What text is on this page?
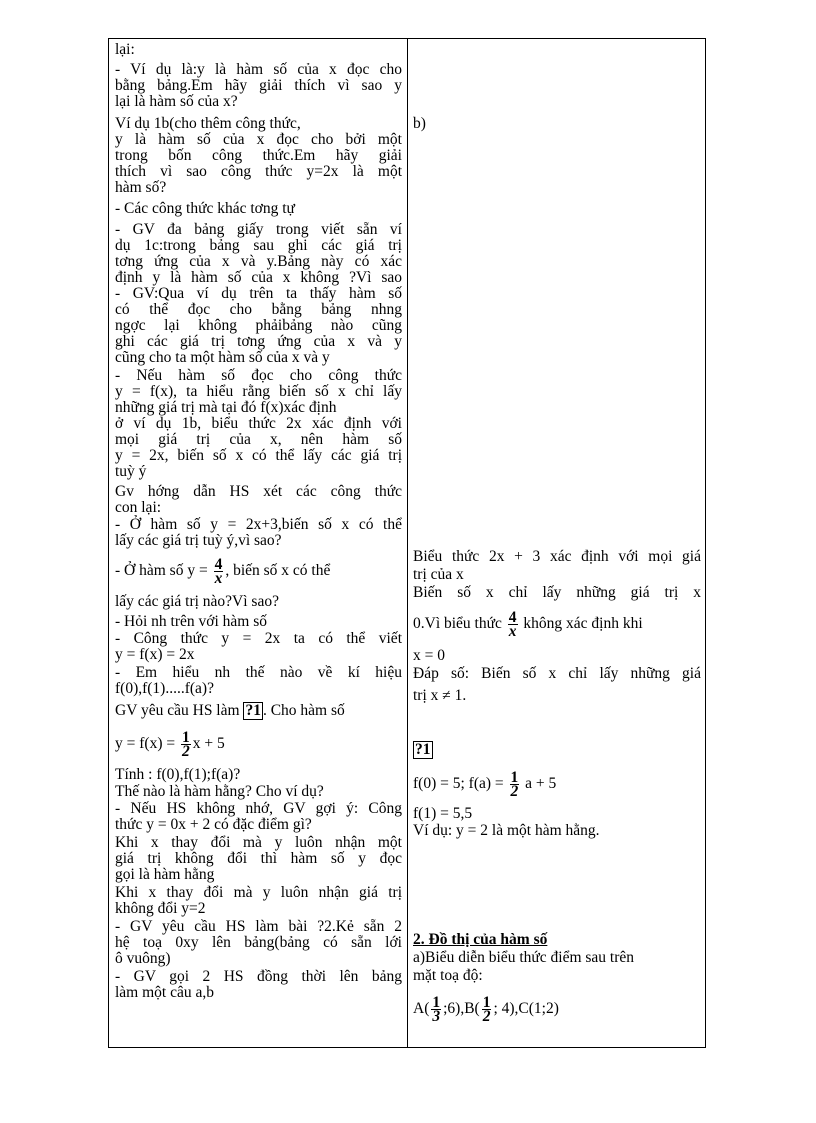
lại:
- Ví dụ là:y là hàm số của x đọc cho
bằng bảng.Em hãy giải thích vì sao y
lại là hàm số của x?
Ví dụ 1b(cho thêm công thức,
y là hàm số của x đọc cho bởi một
trong bốn công thức.Em hãy giải
thích vì sao công thức y=2x là một
hàm số?
- Các công thức khác tơng tự
- GV đa bảng giấy trong viết sẵn ví
dụ 1c:trong bảng sau ghi các giá trị
tơng ứng của x và y.Bảng này có xác
định y là hàm số của x không ?Vì sao
- GV:Qua ví dụ trên ta thấy hàm số
có thể đọc cho bằng bảng nhng
ngợc lại không phảibảng nào cũng
ghi các giá trị tơng ứng của x và y
cũng cho ta một hàm số của x và y
- Nếu hàm số đọc cho công thức
y = f(x), ta hiểu rằng biến số x chỉ lấy
những giá trị mà tại đó f(x)xác định
ở ví dụ 1b, biểu thức 2x xác định với
mọi giá trị của x, nên hàm số
y = 2x, biến số x có thể lấy các giá trị
tuỳ ý
Gv hớng dẫn HS xét các công thức
con lại:
- Ở hàm số y = 2x+3,biến số x có thể
lấy các giá trị tuỳ ý,vì sao?
- Ở hàm số $y = \frac{4}{x}$ , biến số x có thể
lấy các giá trị nào?Vì sao?
- Hỏi nh trên với hàm số
- Công thức y = 2x ta có thể viết
y = f(x) = 2x
- Em hiểu nh thế nào về kí hiệu
f(0),f(1).....f(a)?
GV yêu cầu HS làm ?1 . Cho hàm số
$y = f(x) = \frac{1}{2}$ x + 5
Tính : f(0),f(1);f(a)?
Thế nào là hàm hằng? Cho ví dụ?
- Nếu HS không nhớ, GV gợi ý: Công
thức y = 0x + 2 có đặc điểm gì?
Khi x thay đổi mà y luôn nhận một
giá trị không đổi thì hàm số y đọc
gọi là hàm hằng
Khi x thay đổi mà y luôn nhận giá trị
không đổi y=2
- GV yêu cầu HS làm bài ?2.Kẻ sẵn 2
hệ toạ 0xy lên bảng(bảng có sẵn lới
ô vuông)
- GV gọi 2 HS đồng thời lên bảng
làm một câu a,b
b)
Biểu thức 2x + 3 xác định với mọi giá
trị của x
Biến số x chỉ lấy những giá trị x
0.Vì biểu thức $\frac{4}{x}$ không xác định khi
x = 0
Đáp số: Biến số x chỉ lấy những giá
trị x ≠ 1.
?1
f(0) = 5; $f(a) = \frac{1}{2}$ a + 5
f(1) = 5,5
Ví dụ: y = 2 là một hàm hằng.
2. Đồ thị của hàm số
a)Biểu diễn biểu thức điểm sau trên
mặt toạ độ:
$A( \frac{1}{3}$ ;6),B( $\frac{1}{2}$ ; 4),C(1;2)
